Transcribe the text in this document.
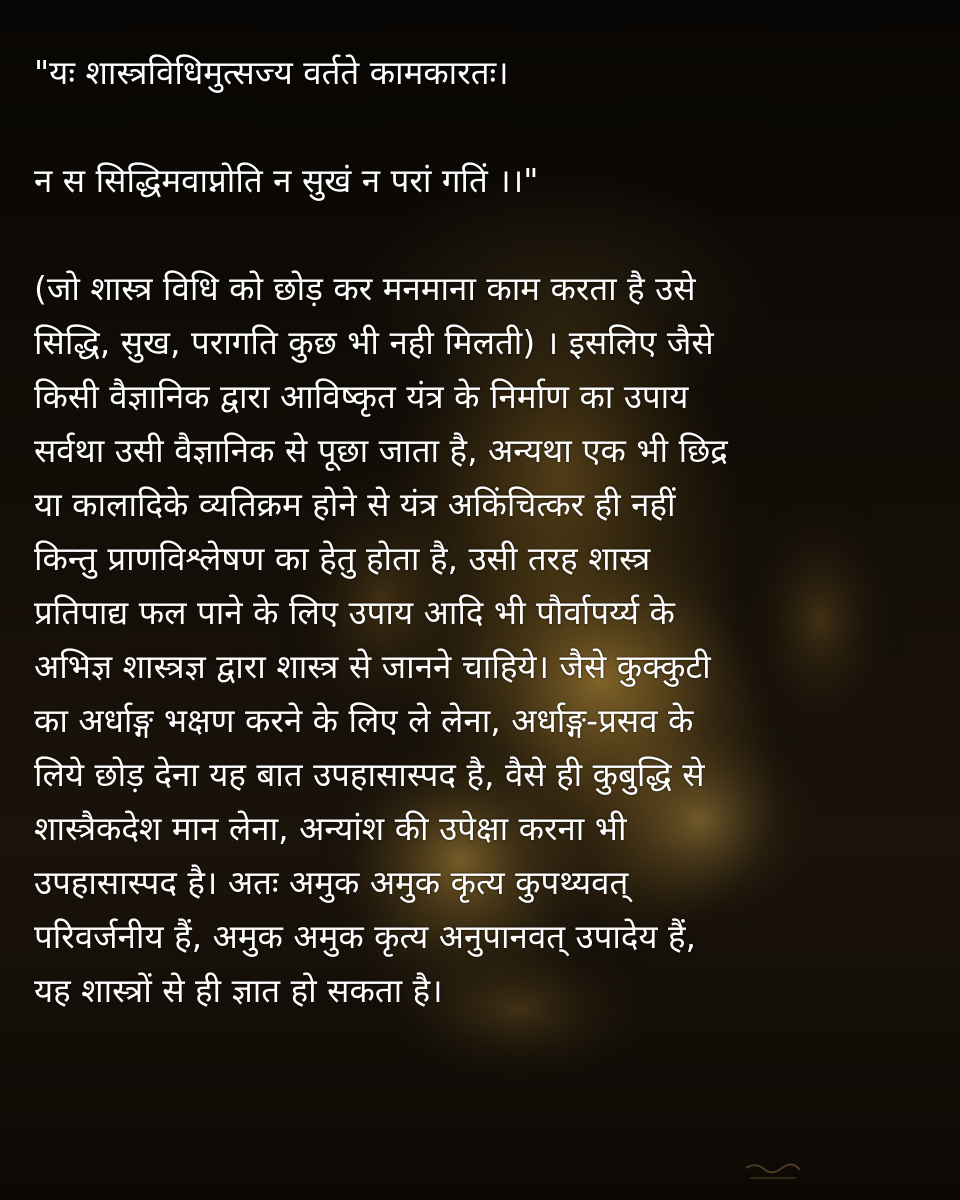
"यः शास्त्रविधिमुत्सज्य वर्तते कामकारतः।
न स सिद्धिमवाप्नोति न सुखं न परां गतिं ।।"
(जो शास्त्र विधि को छोड़ कर मनमाना काम करता है उसे
सिद्धि, सुख, परागति कुछ भी नही मिलती) । इसलिए जैसे
किसी वैज्ञानिक द्वारा आविष्कृत यंत्र के निर्माण का उपाय
सर्वथा उसी वैज्ञानिक से पूछा जाता है, अन्यथा एक भी छिद्र
या कालादिके व्यतिक्रम होने से यंत्र अकिंचित्कर ही नहीं
किन्तु प्राणविश्लेषण का हेतु होता है, उसी तरह शास्त्र
प्रतिपाद्य फल पाने के लिए उपाय आदि भी पौर्वापर्य्य के
अभिज्ञ शास्त्रज्ञ द्वारा शास्त्र से जानने चाहिये। जैसे कुक्कुटी
का अर्धाङ्ग भक्षण करने के लिए ले लेना, अर्धाङ्ग-प्रसव के
लिये छोड़ देना यह बात उपहासास्पद है, वैसे ही कुबुद्धि से
शास्त्रैकदेश मान लेना, अन्यांश की उपेक्षा करना भी
उपहासास्पद है। अतः अमुक अमुक कृत्य कुपथ्यवत्
परिवर्जनीय हैं, अमुक अमुक कृत्य अनुपानवत् उपादेय हैं,
यह शास्त्रों से ही ज्ञात हो सकता है।
